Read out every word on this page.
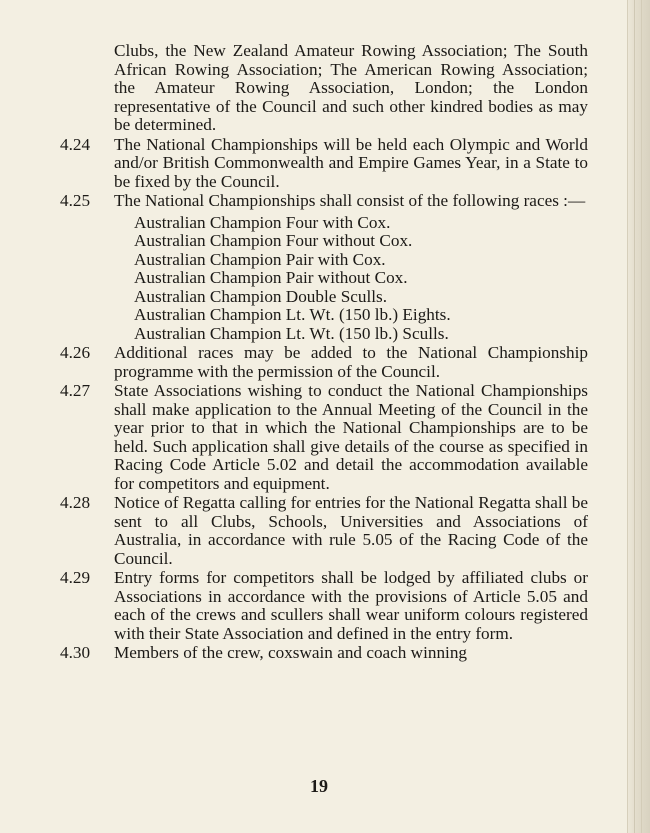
Clubs, the New Zealand Amateur Rowing Association; The South African Rowing Association; The American Rowing Association; the Amateur Rowing Association, London; the London representative of the Council and such other kindred bodies as may be determined.

4.24	The National Championships will be held each Olympic and World and/or British Commonwealth and Empire Games Year, in a State to be fixed by the Council.
4.25	The National Championships shall consist of the following races :—
Australian Champion Four with Cox.
Australian Champion Four without Cox.
Australian Champion Pair with Cox.
Australian Champion Pair without Cox.
Australian Champion Double Sculls.
Australian Champion Lt. Wt. (150 lb.) Eights.
Australian Champion Lt. Wt. (150 lb.) Sculls.
4.26	Additional races may be added to the National Championship programme with the permission of the Council.
4.27	State Associations wishing to conduct the National Championships shall make application to the Annual Meeting of the Council in the year prior to that in which the National Championships are to be held. Such application shall give details of the course as specified in Racing Code Article 5.02 and detail the accommodation available for competitors and equipment.
4.28	Notice of Regatta calling for entries for the National Regatta shall be sent to all Clubs, Schools, Universities and Associations of Australia, in accordance with rule 5.05 of the Racing Code of the Council.
4.29	Entry forms for competitors shall be lodged by affiliated clubs or Associations in accordance with the provisions of Article 5.05 and each of the crews and scullers shall wear uniform colours registered with their State Association and defined in the entry form.
4.30	Members of the crew, coxswain and coach winning
19
